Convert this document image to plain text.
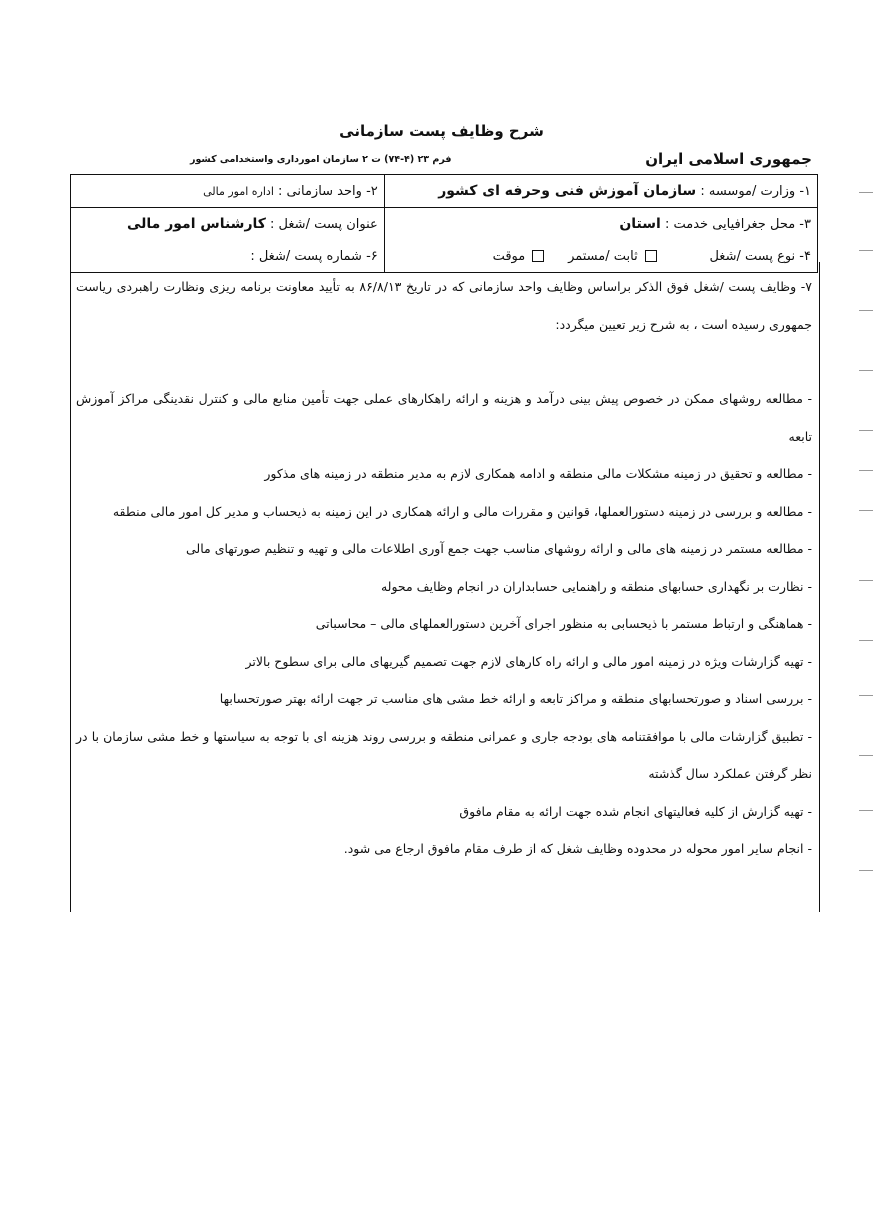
شرح وظایف پست سازمانی
جمهوری اسلامی ایران
فرم ۲۳ (۴-۷۴) ت ۲ سازمان امورداری واستخدامی کشور
۱- وزارت /موسسه : سازمان آموزش فنی وحرفه ای کشور	۲- واحد سازمانی : اداره امور مالی
۳- محل جغرافیایی خدمت : استان	عنوان پست /شغل : کارشناس امور مالی
۴- نوع پست /شغل             ثابت /مستمر      موقت	۶- شماره پست /شغل :

۷- وظایف پست /شغل فوق الذکر براساس وظایف واحد سازمانی که در تاریخ ۸۶/۸/۱۳ به تأیید معاونت برنامه ریزی ونظارت راهبردی ریاست جمهوری رسیده است ، به شرح زیر تعیین میگردد:

- مطالعه روشهای ممکن در خصوص پیش بینی درآمد و هزینه و ارائه راهکارهای عملی جهت تأمین منابع مالی و کنترل نقدینگی مراکز آموزش تابعه

- مطالعه و تحقیق در زمینه مشکلات مالی منطقه و ادامه همکاری لازم به مدیر منطقه در زمینه های مذکور

- مطالعه و بررسی در زمینه دستورالعملها، قوانین و مقررات مالی و ارائه همکاری در این زمینه به ذیحساب و مدیر کل امور مالی منطقه

- مطالعه مستمر در زمینه های مالی و ارائه روشهای مناسب جهت جمع آوری اطلاعات مالی و تهیه و تنظیم صورتهای مالی

- نظارت بر نگهداری حسابهای منطقه و راهنمایی حسابداران در انجام وظایف محوله

- هماهنگی و ارتباط مستمر با ذیحسابی به منظور اجرای آخرین دستورالعملهای مالی – محاسباتی

- تهیه گزارشات ویژه در زمینه امور مالی و ارائه راه کارهای لازم جهت تصمیم گیریهای مالی برای سطوح بالاتر

- بررسی اسناد و صورتحسابهای منطقه و مراکز تابعه و ارائه خط مشی های مناسب تر جهت ارائه بهتر صورتحسابها

- تطبیق گزارشات مالی با موافقتنامه های بودجه جاری و عمرانی منطقه و بررسی روند هزینه ای با توجه به سیاستها و خط مشی سازمان با در نظر گرفتن عملکرد سال گذشته

- تهیه گزارش از کلیه فعالیتهای انجام شده جهت ارائه به مقام مافوق

- انجام سایر امور محوله در محدوده وظایف شغل که از طرف مقام مافوق ارجاع می شود.
